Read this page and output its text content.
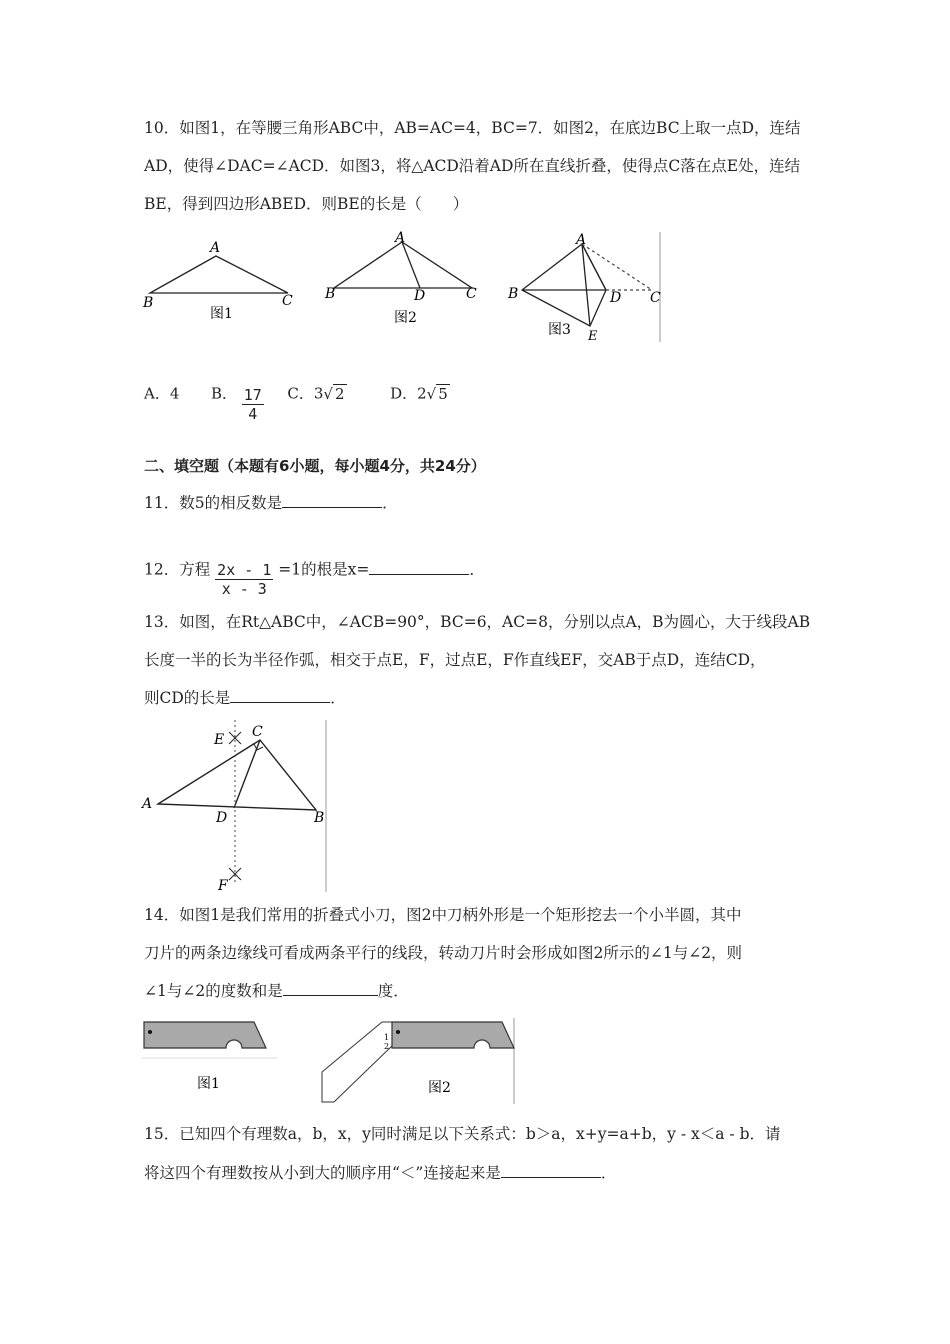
10．如图1，在等腰三角形ABC中，AB=AC=4，BC=7．如图2，在底边BC上取一点D，连结
AD，使得∠DAC=∠ACD．如图3，将△ACD沿着AD所在直线折叠，使得点C落在点E处，连结
BE，得到四边形ABED．则BE的长是（　　）
A
B	C
图1
A
B	D	C
图2
A
B	D C
E
图3
A．4 B． $\frac{17}{4}$ C．3√ 2	D．2√ 5
二、填空题（本题有6小题，每小题4分，共24分）
11．数5的相反数是	．
12．方程 $\frac{2x - 1}{x - 3} =1$的根是x=	．
13．如图，在Rt△ABC中，∠ACB=90°，BC=6，AC=8，分别以点A，B为圆心，大于线段AB
长度一半的长为半径作弧，相交于点E，F，过点E，F作直线EF，交AB于点D，连结CD，
则CD的长是	．
E C
A
D	B
F
14．如图1是我们常用的折叠式小刀，图2中刀柄外形是一个矩形挖去一个小半圆，其中
刀片的两条边缘线可看成两条平行的线段，转动刀片时会形成如图2所示的∠1与∠2，则
∠1与∠2的度数和是	度．
图1
1
2
图2
15．已知四个有理数a，b，x，y同时满足以下关系式：b＞a，x+y=a+b，y - x＜a - b．请
将这四个有理数按从小到大的顺序用“＜”连接起来是	．
